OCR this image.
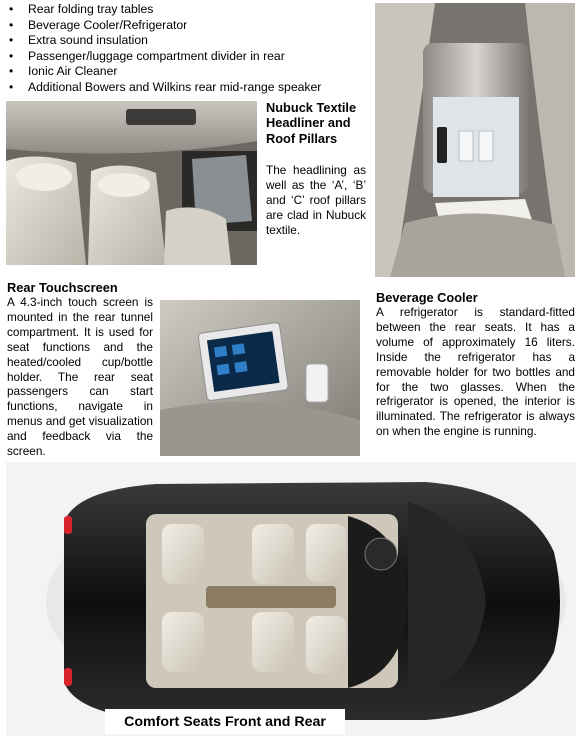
• Rear folding tray tables
• Beverage Cooler/Refrigerator
• Extra sound insulation
• Passenger/luggage compartment divider in rear
• Ionic Air Cleaner
• Additional Bowers and Wilkins rear mid-range speaker
Nubuck Textile Headliner and Roof Pillars
The headlining as well as the ‘A’, ‘B’ and ‘C’ roof pillars are clad in Nubuck textile.
Rear Touchscreen
A 4.3-inch touch screen is mounted in the rear tunnel compartment. It is used for seat functions and the heated/cooled cup/bottle holder. The rear seat passengers can start functions, navigate in menus and get visualization and feedback via the screen.
Beverage Cooler
A refrigerator is standard-fitted between the rear seats. It has a volume of approximately 16 liters. Inside the refrigerator has a removable holder for two bottles and for the two glasses. When the refrigerator is opened, the interior is illuminated. The refrigerator is always on when the engine is running.
Comfort Seats Front and Rear
